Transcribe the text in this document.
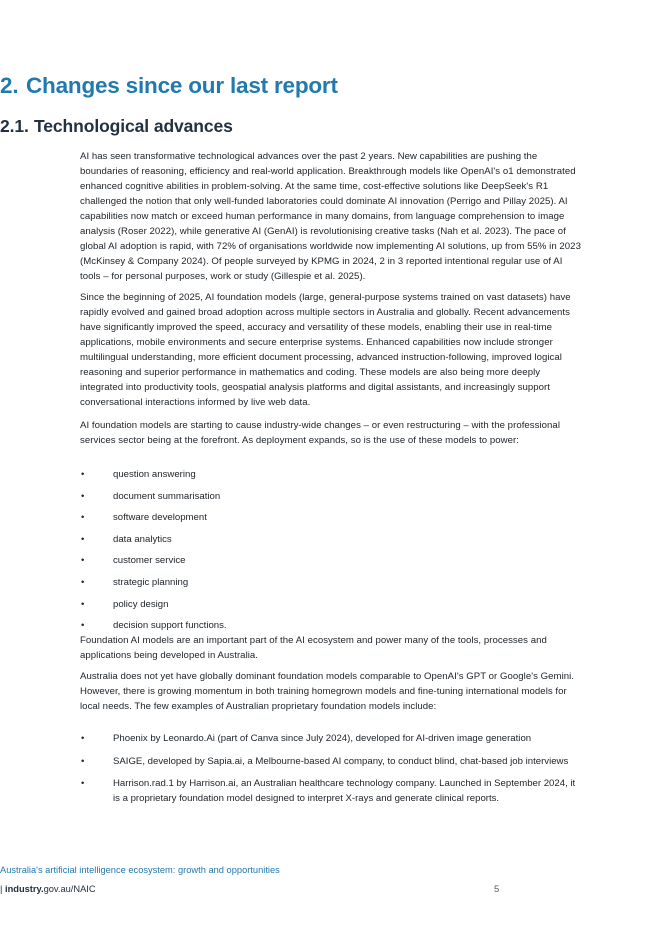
2. Changes since our last report
2.1. Technological advances

AI has seen transformative technological advances over the past 2 years. New capabilities are pushing the boundaries of reasoning, efficiency and real-world application. Breakthrough models like OpenAI's o1 demonstrated enhanced cognitive abilities in problem-solving. At the same time, cost-effective solutions like DeepSeek's R1 challenged the notion that only well-funded laboratories could dominate AI innovation (Perrigo and Pillay 2025). AI capabilities now match or exceed human performance in many domains, from language comprehension to image analysis (Roser 2022), while generative AI (GenAI) is revolutionising creative tasks (Nah et al. 2023). The pace of global AI adoption is rapid, with 72% of organisations worldwide now implementing AI solutions, up from 55% in 2023 (McKinsey & Company 2024). Of people surveyed by KPMG in 2024, 2 in 3 reported intentional regular use of AI tools – for personal purposes, work or study (Gillespie et al. 2025).

Since the beginning of 2025, AI foundation models (large, general-purpose systems trained on vast datasets) have rapidly evolved and gained broad adoption across multiple sectors in Australia and globally. Recent advancements have significantly improved the speed, accuracy and versatility of these models, enabling their use in real-time applications, mobile environments and secure enterprise systems. Enhanced capabilities now include stronger multilingual understanding, more efficient document processing, advanced instruction-following, improved logical reasoning and superior performance in mathematics and coding. These models are also being more deeply integrated into productivity tools, geospatial analysis platforms and digital assistants, and increasingly support conversational interactions informed by live web data.

AI foundation models are starting to cause industry-wide changes – or even restructuring – with the professional services sector being at the forefront. As deployment expands, so is the use of these models to power:

•	question answering
•	document summarisation
•	software development
•	data analytics
•	customer service
•	strategic planning
•	policy design
•	decision support functions.

Foundation AI models are an important part of the AI ecosystem and power many of the tools, processes and applications being developed in Australia.

Australia does not yet have globally dominant foundation models comparable to OpenAI's GPT or Google's Gemini. However, there is growing momentum in both training homegrown models and fine-tuning international models for local needs. The few examples of Australian proprietary foundation models include:

•	Phoenix by Leonardo.Ai (part of Canva since July 2024), developed for AI-driven image generation
•	SAIGE, developed by Sapia.ai, a Melbourne-based AI company, to conduct blind, chat-based job interviews
•	Harrison.rad.1 by Harrison.ai, an Australian healthcare technology company. Launched in September 2024, it is a proprietary foundation model designed to interpret X-rays and generate clinical reports.
Australia's artificial intelligence ecosystem: growth and opportunities
| industry.gov.au/NAIC	5
